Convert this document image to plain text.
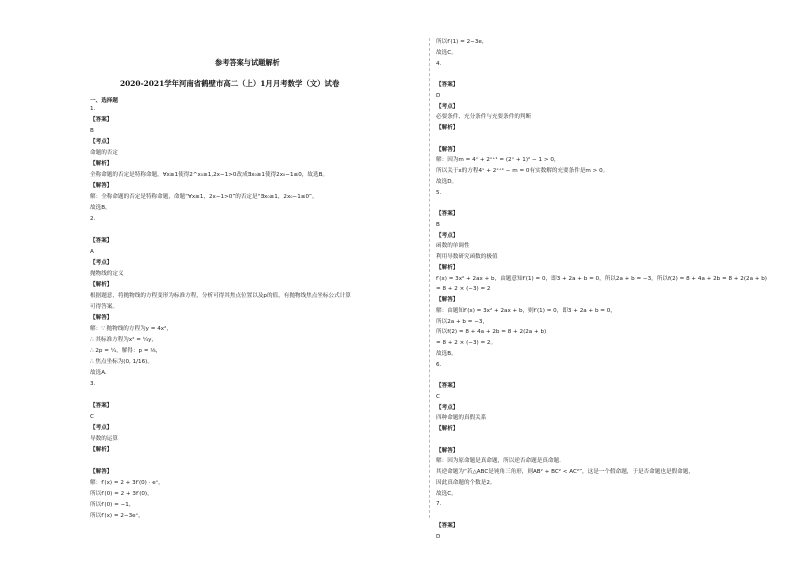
参考答案与试题解析
2020-2021学年河南省鹤壁市高二（上）1月月考数学（文）试卷
一、选择题
1.
【答案】
B
【考点】
命题的否定
【解析】
全称命题的否定是特称命题，∀x≥1使得2^x₀≥1,2x−1>0改成∃x₀≥1使得2x₀−1≤0，故选B。
【解答】
解：全称命题的否定是特称命题，命题“∀x≥1，2x−1>0”的否定是“∃x₀≥1，2x₀−1≤0”。
故选B。
2.
【答案】
A
【考点】
抛物线的定义
【解析】
根据题意，将抛物线的方程变形为标准方程，分析可得其焦点位置以及p的值，有抛物线焦点坐标公式计算
可得答案。
【解答】
解：∵ 抛物线的方程为y = 4x²，
∴ 其标准方程为x² = ¼y，
∴ 2p = ¼，解得：p = ⅛，
∴ 焦点坐标为(0, 1/16)。
故选A.
3.
【答案】
C
【考点】
导数的运算
【解析】
【解答】
解：f′(x) = 2 + 3f′(0) · eˣ，
所以f′(0) = 2 + 3f′(0)，
所以f′(0) = −1，
所以f′(x) = 2−3eˣ，
所以f′(1) = 2−3e，
故选C。
4.
【答案】
D
【考点】
必要条件、充分条件与充要条件的判断
【解析】
【解答】
解：因为m = 4ˣ + 2ˣ⁺¹ = (2ˣ + 1)² − 1 > 0，
所以关于x的方程4ˣ + 2ˣ⁺¹ − m = 0有实数解的充要条件是m > 0。
故选D。
5.
【答案】
B
【考点】
函数的单调性
利用导数研究函数的极值
【解析】
f′(x) = 3x² + 2ax + b，由题意知f′(1) = 0，即3 + 2a + b = 0，所以2a + b = −3，所以f(2) = 8 + 4a + 2b = 8 + 2(2a + b)
= 8 + 2 × (−3) = 2
【解答】
解：由题知f′(x) = 3x² + 2ax + b，则f′(1) = 0，即3 + 2a + b = 0，
所以2a + b = −3，
所以f(2) = 8 + 4a + 2b = 8 + 2(2a + b)
= 8 + 2 × (−3) = 2。
故选B。
6.
【答案】
C
【考点】
四种命题的真假关系
【解析】
【解答】
解：因为原命题是真命题，所以逆否命题是真命题.
其逆命题为“若△ABC是钝角三角形，则AB² + BC² < AC²”，这是一个假命题，于是否命题也是假命题，
因此真命题的个数是2。
故选C。
7.
【答案】
D
